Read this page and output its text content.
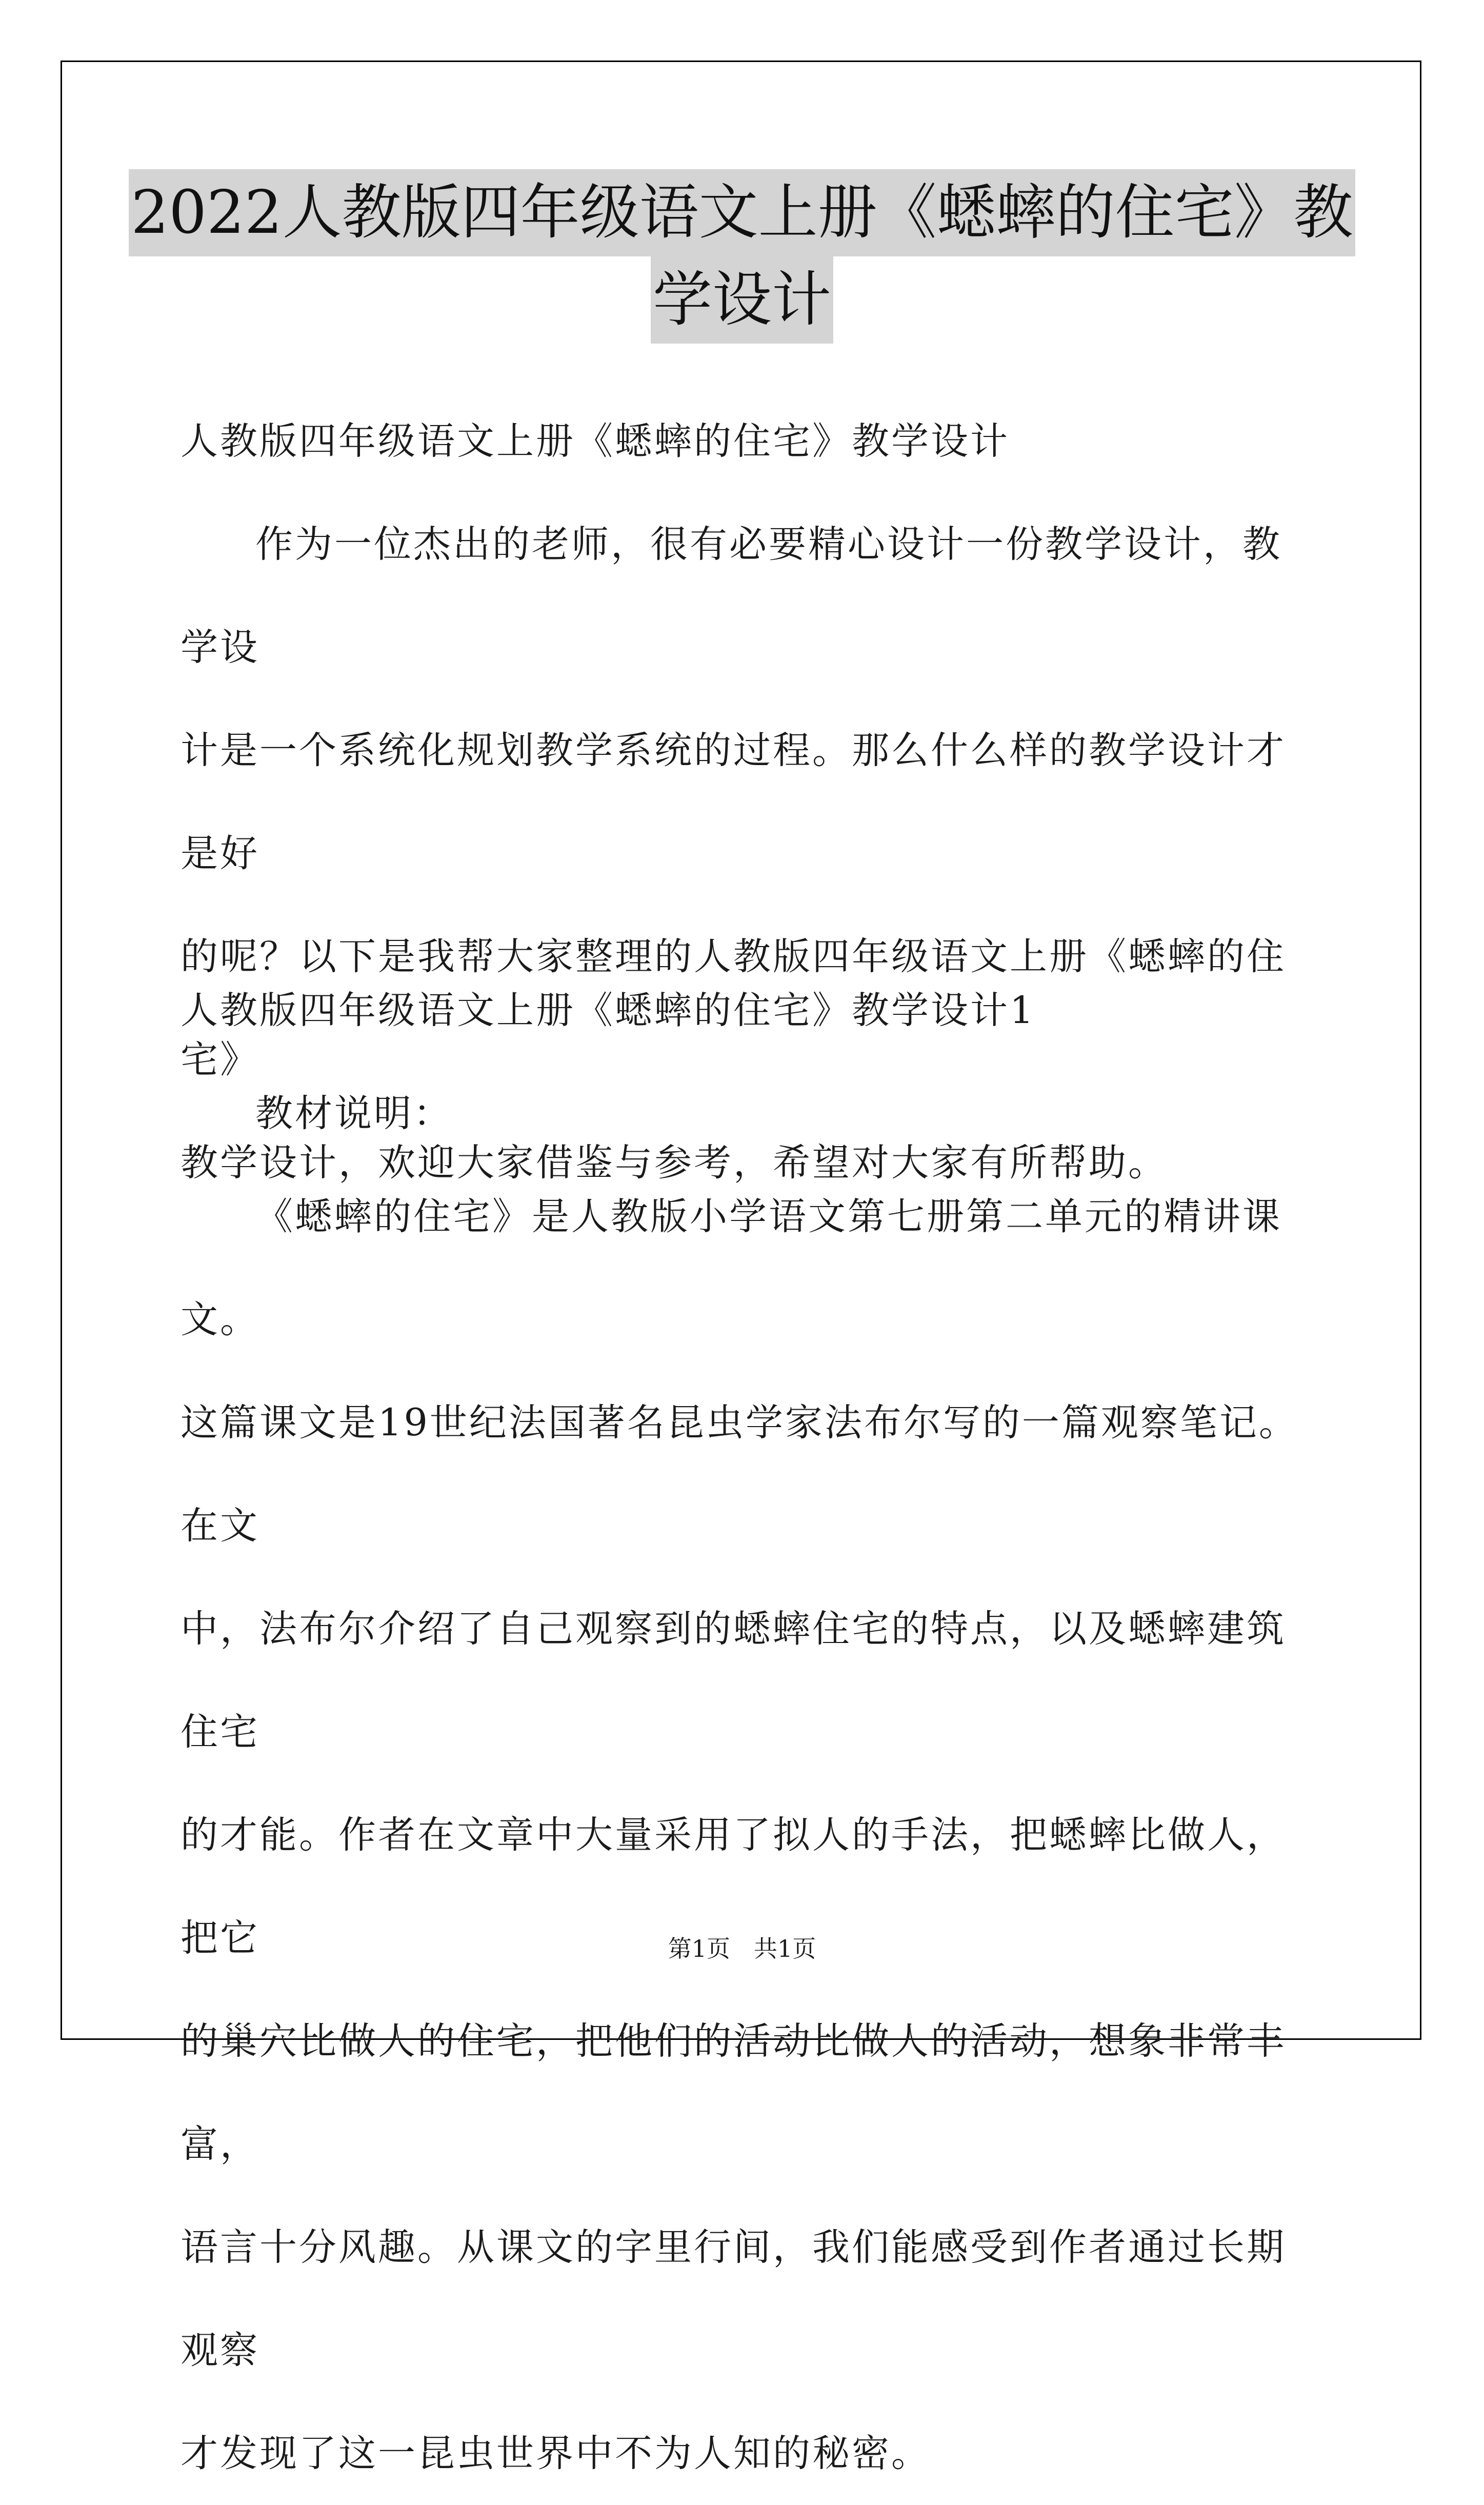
2022人教版四年级语文上册《蟋蟀的住宅》教
学设计

人教版四年级语文上册《蟋蟀的住宅》教学设计

作为一位杰出的老师，很有必要精心设计一份教学设计，教学设

计是一个系统化规划教学系统的过程。那么什么样的教学设计才是好

的呢？以下是我帮大家整理的人教版四年级语文上册《蟋蟀的住宅》

教学设计，欢迎大家借鉴与参考，希望对大家有所帮助。

人教版四年级语文上册《蟋蟀的住宅》教学设计1

教材说明：

《蟋蟀的住宅》是人教版小学语文第七册第二单元的精讲课文。

这篇课文是19世纪法国著名昆虫学家法布尔写的一篇观察笔记。在文

中，法布尔介绍了自己观察到的蟋蟀住宅的特点，以及蟋蟀建筑住宅

的才能。作者在文章中大量采用了拟人的手法，把蟋蟀比做人，把它

的巢穴比做人的住宅，把他们的活动比做人的活动，想象非常丰富，

语言十分风趣。从课文的字里行间，我们能感受到作者通过长期观察

才发现了这一昆虫世界中不为人知的秘密。

第1页　共1页
